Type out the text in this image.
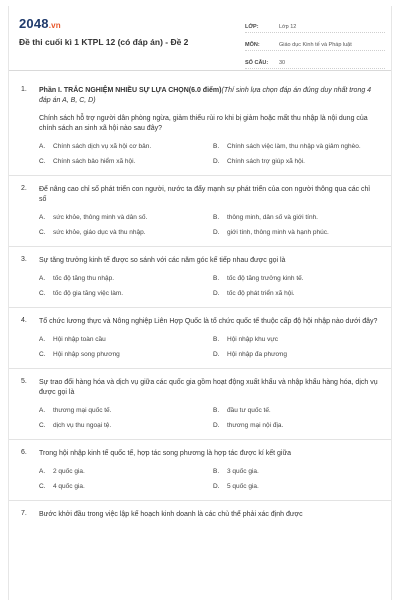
2048.vn
Đề thi cuối kì 1 KTPL 12 (có đáp án) - Đề 2
LỚP:	Lớp 12
MÔN:	Giáo dục Kinh tế và Pháp luật
SỐ CÂU:	30
1. Phần I. TRẮC NGHIỆM NHIỀU SỰ LỰA CHỌN(6.0 điểm)(Thí sinh lựa chọn đáp án đúng duy nhất trong 4 đáp án A, B, C, D)
Chính sách hỗ trợ người dân phòng ngừa, giảm thiểu rủi ro khi bị giảm hoặc mất thu nhập là nội dung của chính sách an sinh xã hội nào sau đây?
A.	Chính sách dịch vụ xã hội cơ bản.	B.	Chính sách việc làm, thu nhập và giảm nghèo.
C.	Chính sách bảo hiểm xã hội.	D.	Chính sách trợ giúp xã hội.
2. Để nâng cao chỉ số phát triển con người, nước ta đẩy mạnh sự phát triển của con người thông qua các chỉ số
A.	sức khỏe, thông minh và dân số.	B.	thông minh, dân số và giới tính.
C.	sức khỏe, giáo dục và thu nhập.	D.	giới tính, thông minh và hạnh phúc.
3. Sự tăng trưởng kinh tế được so sánh với các năm góc kế tiếp nhau được gọi là
A.	tốc độ tăng thu nhập.	B.	tốc độ tăng trưởng kinh tế.
C.	tốc độ gia tăng việc làm.	D.	tốc độ phát triển xã hội.
4. Tổ chức lương thực và Nông nghiệp Liên Hợp Quốc là tổ chức quốc tế thuộc cấp độ hội nhập nào dưới đây?
A.	Hội nhập toàn cầu	B.	Hội nhập khu vực
C.	Hội nhập song phương	D.	Hội nhập đa phương
5. Sự trao đổi hàng hóa và dịch vụ giữa các quốc gia gồm hoạt động xuất khẩu và nhập khẩu hàng hóa, dịch vụ được gọi là
A.	thương mại quốc tế.	B.	đầu tư quốc tế.
C.	dịch vụ thu ngoại tệ.	D.	thương mại nội địa.
6. Trong hội nhập kinh tế quốc tế, hợp tác song phương là hợp tác được kí kết giữa
A.	2 quốc gia.	B.	3 quốc gia.
C.	4 quốc gia.	D.	5 quốc gia.
7. Bước khởi đầu trong việc lập kế hoạch kinh doanh là các chủ thể phải xác định được
